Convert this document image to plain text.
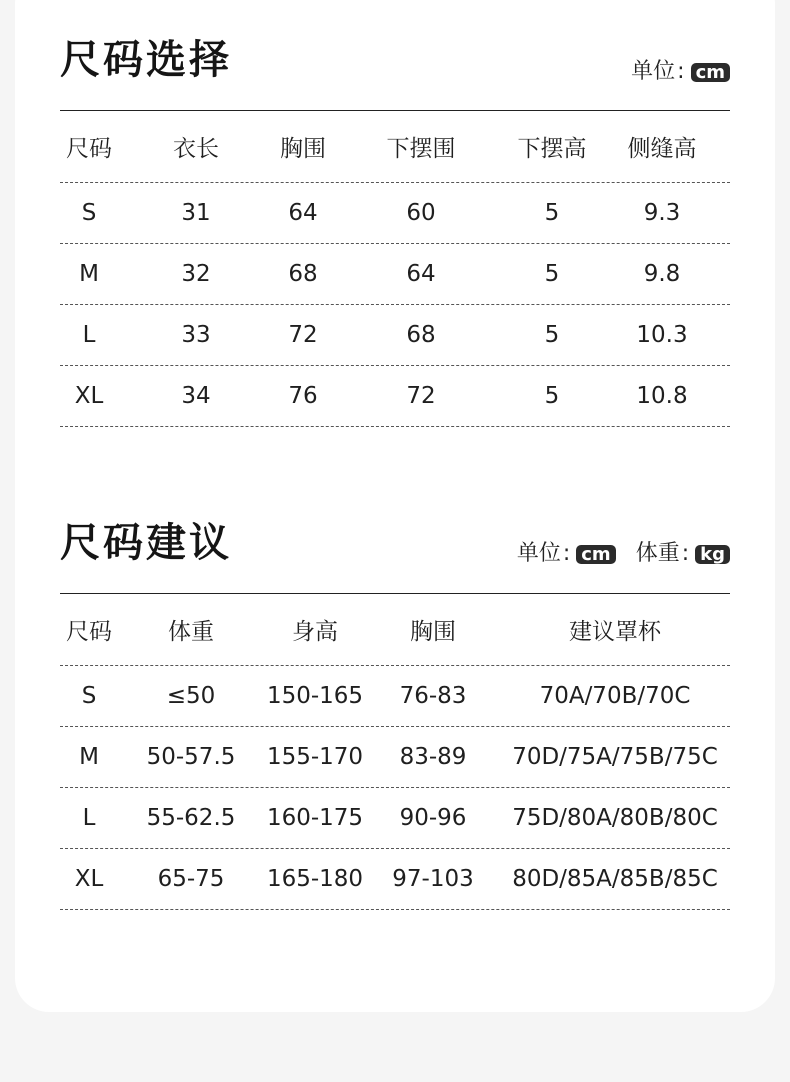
尺码选择	单位 : cm
尺码	衣长	胸围	下摆围	下摆高	侧缝高
S	31	64	60	5	9.3
M	32	68	64	5	9.8
L	33	72	68	5	10.3
XL	34	76	72	5	10.8
尺码建议	单位 : cm 体重 : kg
尺码	体重	身高	胸围	建议罩杯
S	≤50	150-165	76-83	70A/70B/70C
M	50-57.5	155-170	83-89	70D/75A/75B/75C
L	55-62.5	160-175	90-96	75D/80A/80B/80C
XL	65-75	165-180	97-103	80D/85A/85B/85C
